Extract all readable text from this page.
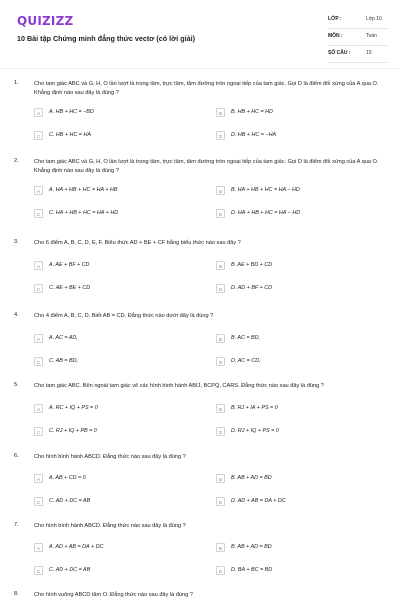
QUIZIZZ
10 Bài tập Chứng minh đẳng thức vectơ (có lời giải)
LỚP :	Lớp 10
MÔN :	Toán
SỐ CÂU :	10
1.	Cho tam giác ABC và G, H, O lần lượt là trọng tâm, trực tâm, tâm đường tròn ngoại tiếp của tam giác. Gọi D là điểm đối xứng của A qua O. Khẳng định nào sau đây là đúng ?
A	A. HB + HC = −BD	B	B. HB + HC = HD
C	C. HB + HC = HA	D	D. HB + HC = −HA
2.	Cho tam giác ABC và G, H, O lần lượt là trọng tâm, trực tâm, tâm đường tròn ngoại tiếp của tam giác. Gọi D là điểm đối xứng của A qua O. Khẳng định nào sau đây là đúng ?
A	A. HA + HB + HC = HA + HB	B	B. HA + HB + HC = HA − HD
C	C. HA + HB + HC = HA + HD	D	D. HA + HB + HC = HA − HD
3.	Cho 6 điểm A, B, C, D, E, F. Biểu thức AD + BE + CF bằng biểu thức nào sau đây ?
A	A. AE + BF + CD	B	B. AE + BD + CD
C	C. AE + BE + CD	D	D. AD + BF + CD
4.	Cho 4 điểm A, B, C, D. Biết AB = CD. Đẳng thức nào dưới đây là đúng ?
A	A. AC = AD,	B	B. AC = BD,
C	C. AB = BD,	D	D. AC = CD,
5.	Cho tam giác ABC. Bên ngoài tam giác vẽ các hình bình hành ABIJ, BCPQ, CARS. Đẳng thức nào sau đây là đúng ?
A	A. RC + IQ + PS = 0	B	B. RJ + IA + PS = 0
C	C. RJ + IQ + PB = 0	D	D. RJ + IQ + PS = 0
6.	Cho hình bình hành ABCD. Đẳng thức nào sau đây là đúng ?
A	A. AB + CD = 0	B	B. AB + AD = BD
C	C. AD + DC = AB	D	D. AD + AB = DA + DC
7.	Cho hình bình hành ABCD. Đẳng thức nào sau đây là đúng ?
A	A. AD + AB = DA + DC	B	B. AB + AD = BD
C	C. AD + DC = AB	D	D. BA + BC = BD
8.	Cho hình vuông ABCD tâm O. Đẳng thức nào sau đây là đúng ?
